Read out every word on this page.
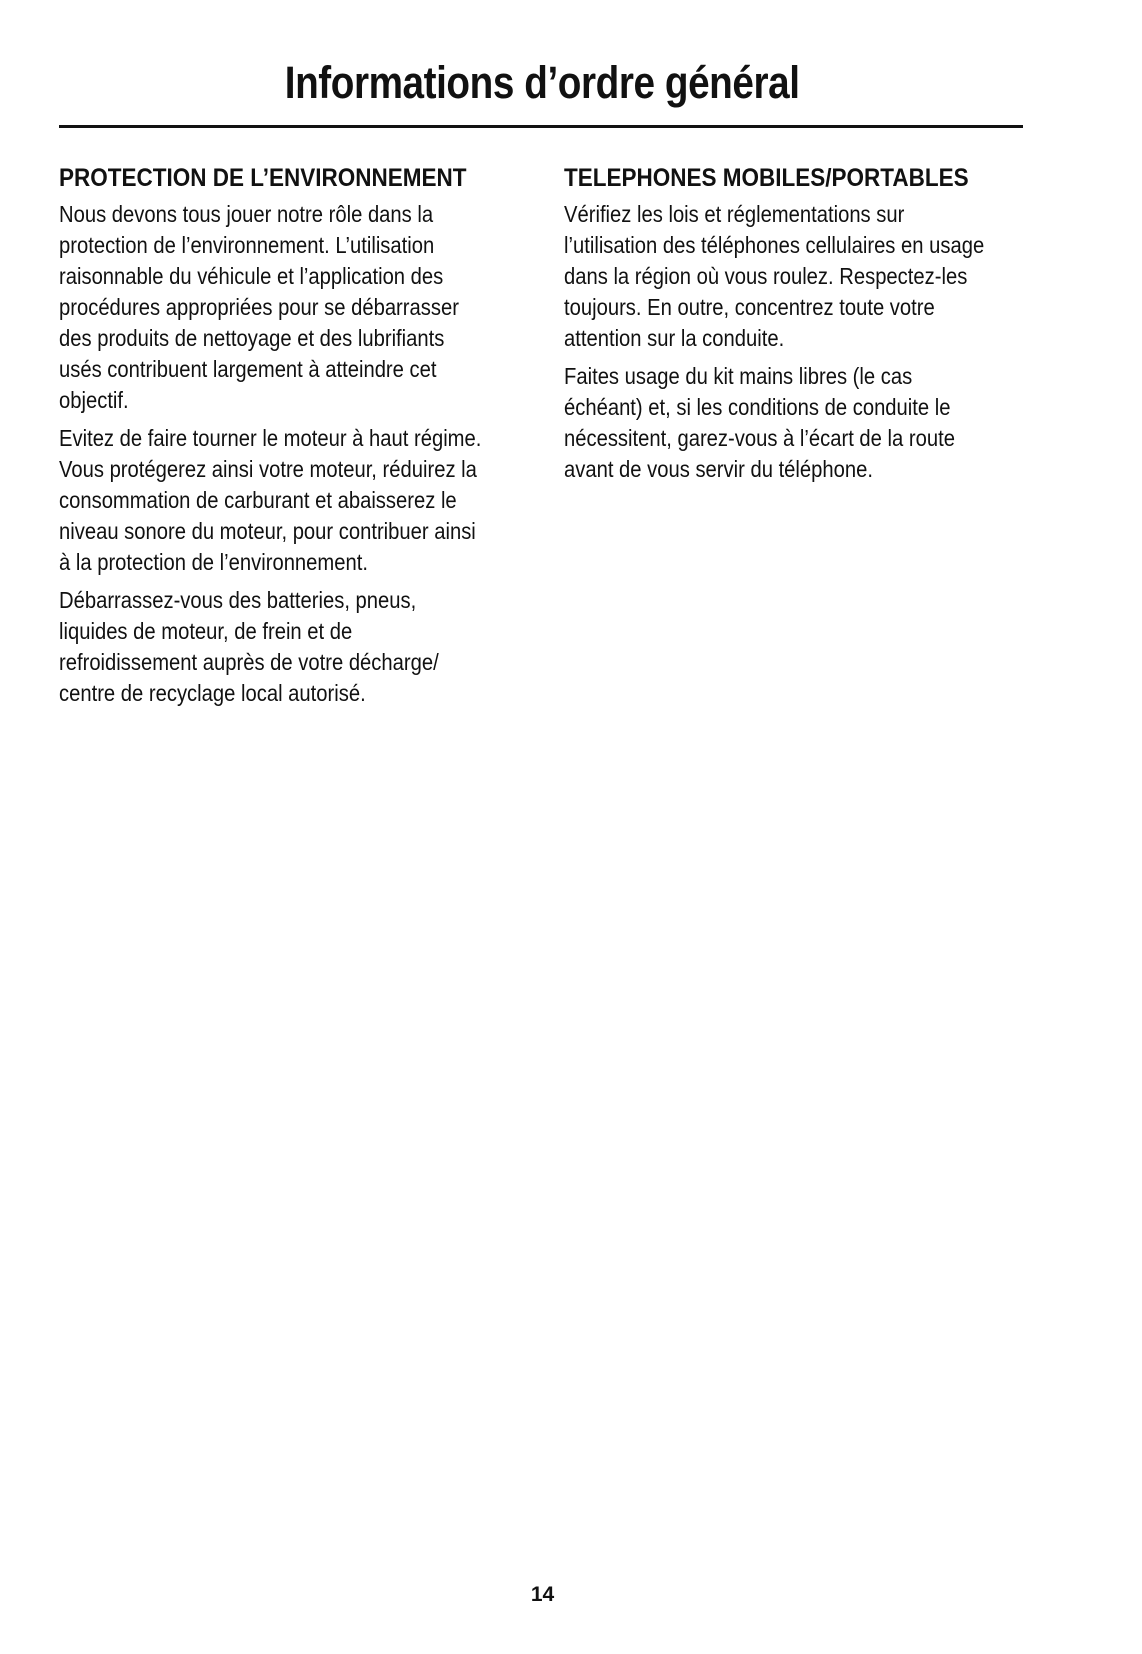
Informations d’ordre général
PROTECTION DE L’ENVIRONNEMENT

Nous devons tous jouer notre rôle dans la
protection de l’environnement. L’utilisation
raisonnable du véhicule et l’application des
procédures appropriées pour se débarrasser
des produits de nettoyage et des lubrifiants
usés contribuent largement à atteindre cet
objectif.

Evitez de faire tourner le moteur à haut régime.
Vous protégerez ainsi votre moteur, réduirez la
consommation de carburant et abaisserez le
niveau sonore du moteur, pour contribuer ainsi
à la protection de l’environnement.

Débarrassez-vous des batteries, pneus,
liquides de moteur, de frein et de
refroidissement auprès de votre décharge/
centre de recyclage local autorisé.

TELEPHONES MOBILES/PORTABLES

Vérifiez les lois et réglementations sur
l’utilisation des téléphones cellulaires en usage
dans la région où vous roulez. Respectez-les
toujours. En outre, concentrez toute votre
attention sur la conduite.

Faites usage du kit mains libres (le cas
échéant) et, si les conditions de conduite le
nécessitent, garez-vous à l’écart de la route
avant de vous servir du téléphone.

14
